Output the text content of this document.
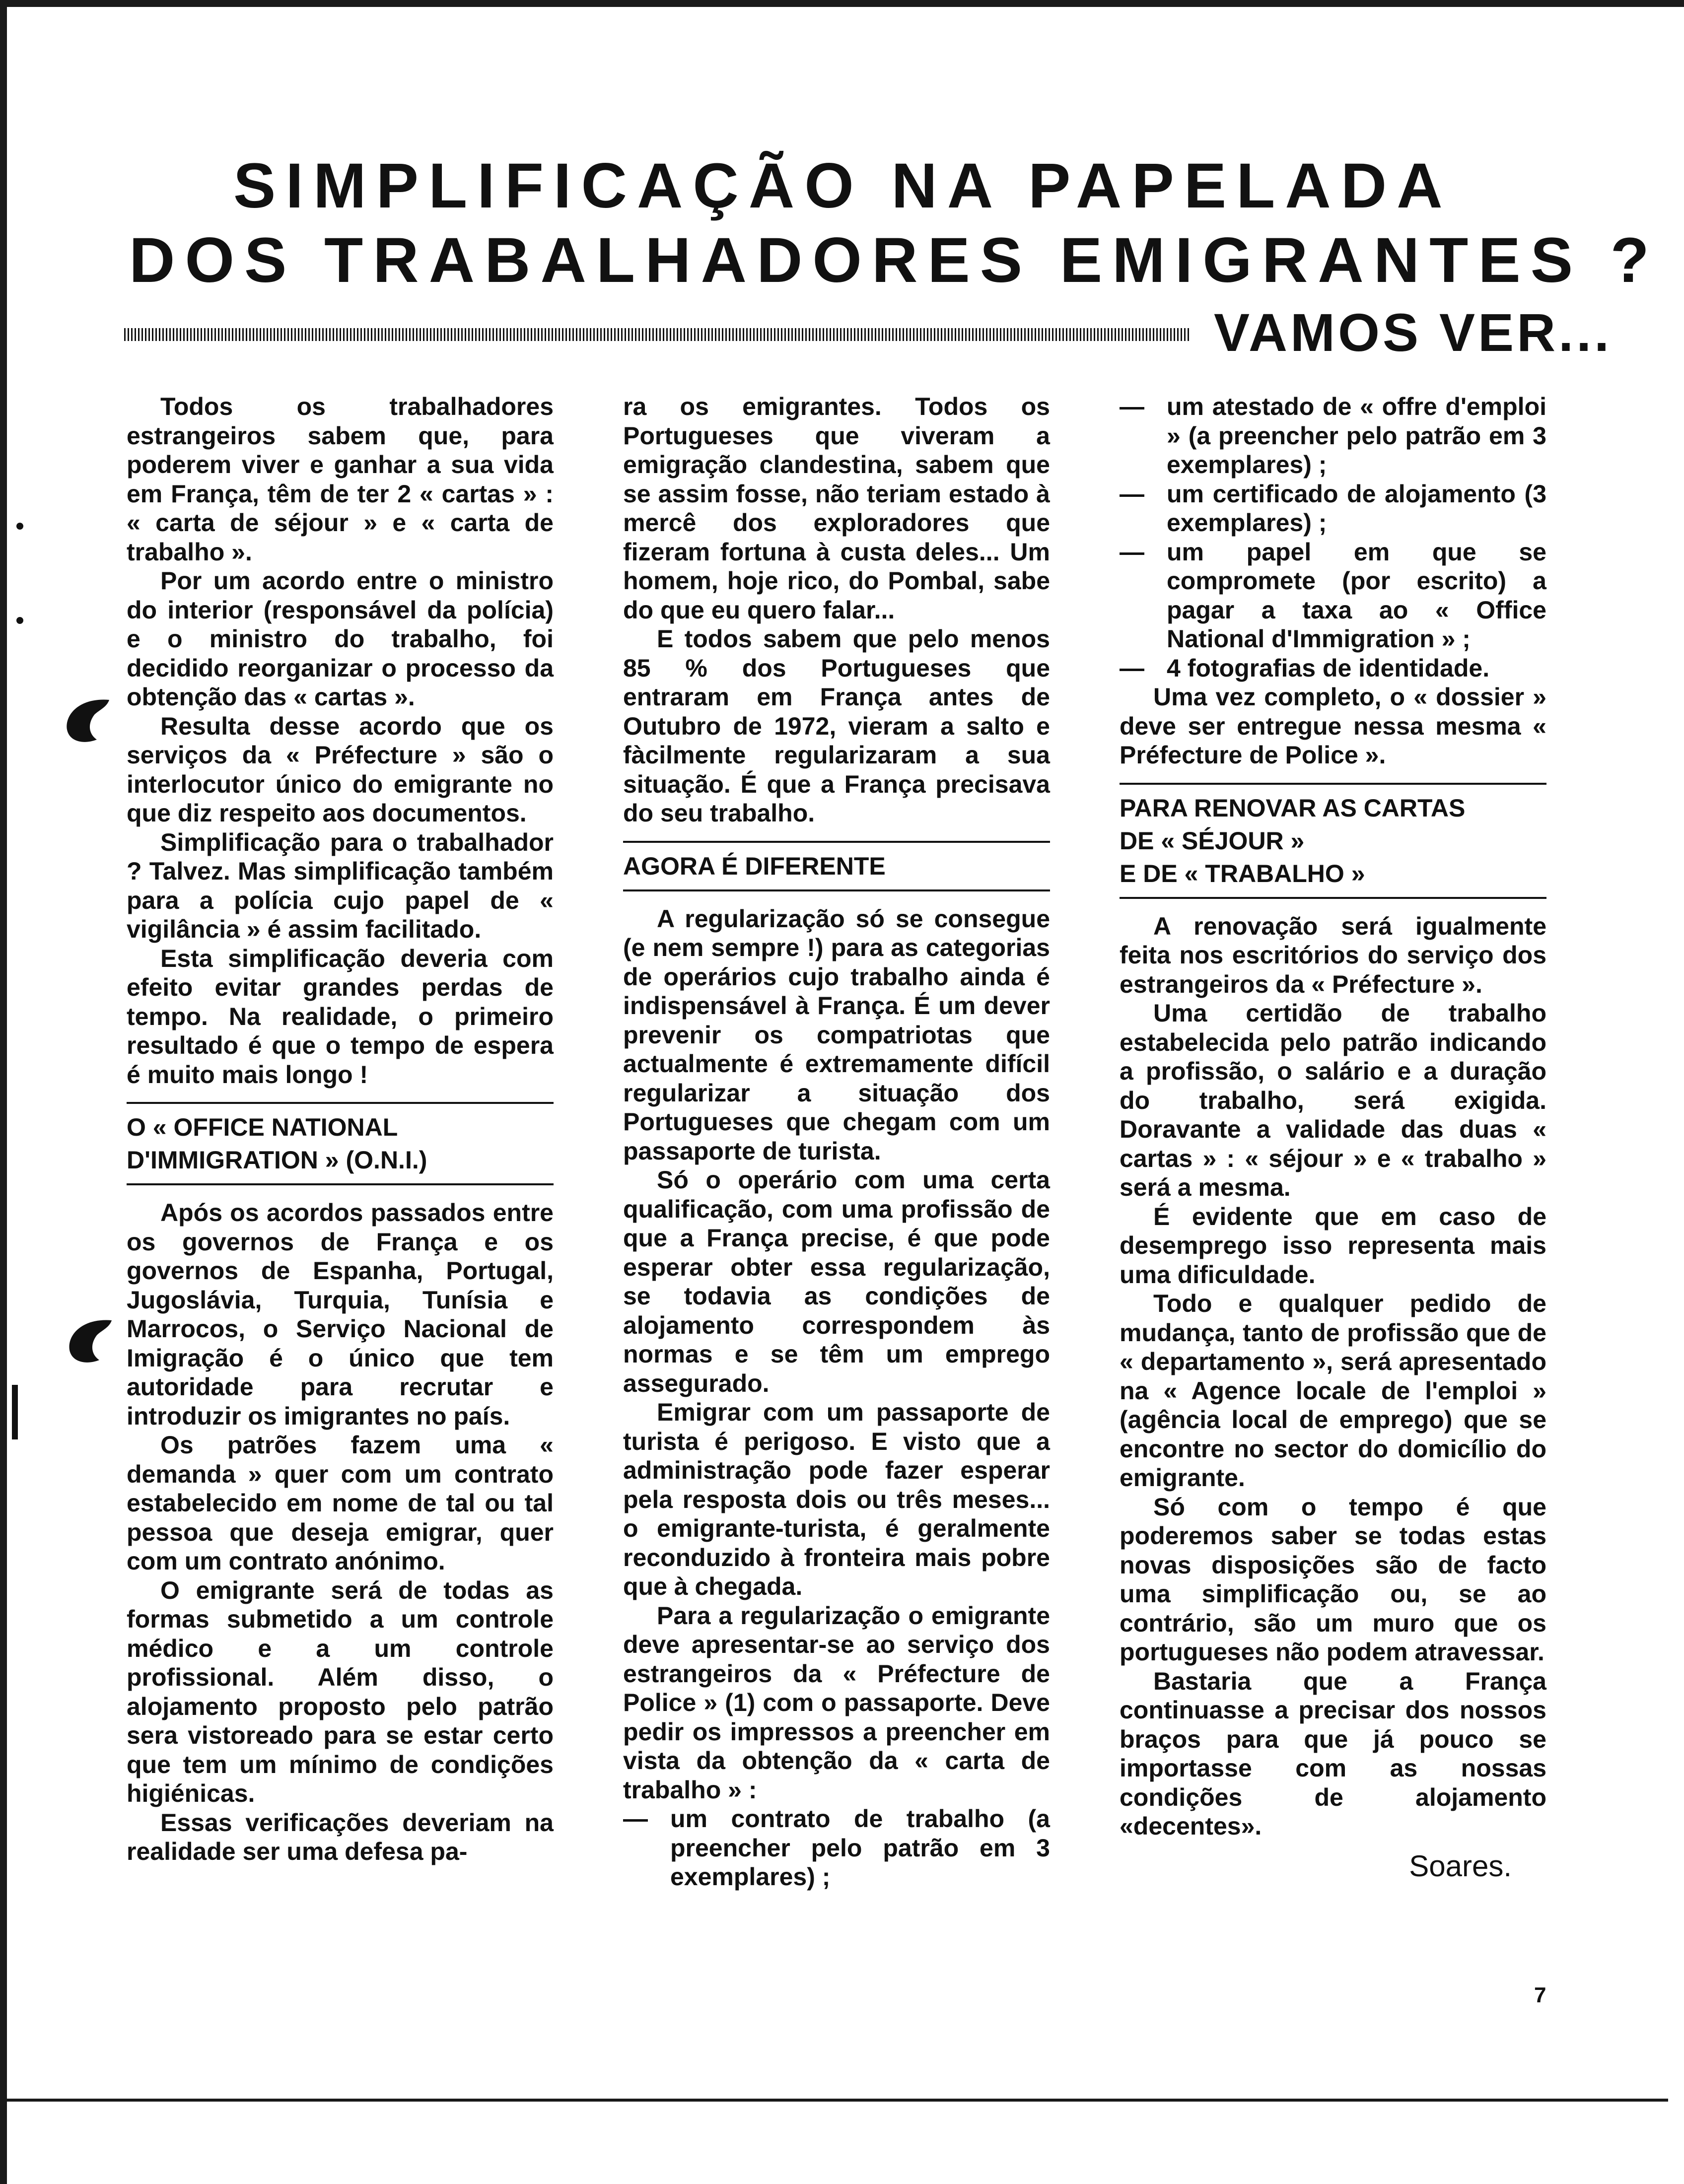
SIMPLIFICAÇÃO NA PAPELADA
DOS TRABALHADORES EMIGRANTES ?
VAMOS VER...

Todos os trabalhadores estrangeiros sabem que, para poderem viver e ganhar a sua vida em França, têm de ter 2 « cartas » : « carta de séjour » e « carta de trabalho ».

Por um acordo entre o ministro do interior (responsável da polícia) e o ministro do trabalho, foi decidido reorganizar o processo da obtenção das « cartas ».

Resulta desse acordo que os serviços da « Préfecture » são o interlocutor único do emigrante no que diz respeito aos documentos.

Simplificação para o trabalhador ? Talvez. Mas simplificação também para a polícia cujo papel de « vigilância » é assim facilitado.

Esta simplificação deveria com efeito evitar grandes perdas de tempo. Na realidade, o primeiro resultado é que o tempo de espera é muito mais longo !

O « OFFICE NATIONAL
D'IMMIGRATION » (O.N.I.)

Após os acordos passados entre os governos de França e os governos de Espanha, Portugal, Jugoslávia, Turquia, Tunísia e Marrocos, o Serviço Nacional de Imigração é o único que tem autoridade para recrutar e introduzir os imigrantes no país.

Os patrões fazem uma « demanda » quer com um contrato estabelecido em nome de tal ou tal pessoa que deseja emigrar, quer com um contrato anónimo.

O emigrante será de todas as formas submetido a um controle médico e a um controle profissional. Além disso, o alojamento proposto pelo patrão sera vistoreado para se estar certo que tem um mínimo de condições higiénicas.

Essas verificações deveriam na realidade ser uma defesa pa-

ra os emigrantes. Todos os Portugueses que viveram a emigração clandestina, sabem que se assim fosse, não teriam estado à mercê dos exploradores que fizeram fortuna à custa deles... Um homem, hoje rico, do Pombal, sabe do que eu quero falar...

E todos sabem que pelo menos 85 % dos Portugueses que entraram em França antes de Outubro de 1972, vieram a salto e fàcilmente regularizaram a sua situação. É que a França precisava do seu trabalho.

AGORA É DIFERENTE

A regularização só se consegue (e nem sempre !) para as categorias de operários cujo trabalho ainda é indispensável à França. É um dever prevenir os compatriotas que actualmente é extremamente difícil regularizar a situação dos Portugueses que chegam com um passaporte de turista.

Só o operário com uma certa qualificação, com uma profissão de que a França precise, é que pode esperar obter essa regularização, se todavia as condições de alojamento correspondem às normas e se têm um emprego assegurado.

Emigrar com um passaporte de turista é perigoso. E visto que a administração pode fazer esperar pela resposta dois ou três meses... o emigrante-turista, é geralmente reconduzido à fronteira mais pobre que à chegada.

Para a regularização o emigrante deve apresentar-se ao serviço dos estrangeiros da « Préfecture de Police » (1) com o passaporte. Deve pedir os impressos a preencher em vista da obtenção da « carta de trabalho » :

— um contrato de trabalho (a preencher pelo patrão em 3 exemplares) ;
— um atestado de « offre d'emploi » (a preencher pelo patrão em 3 exemplares) ;
— um certificado de alojamento (3 exemplares) ;
— um papel em que se compromete (por escrito) a pagar a taxa ao « Office National d'Immigration » ;
— 4 fotografias de identidade.

Uma vez completo, o « dossier » deve ser entregue nessa mesma « Préfecture de Police ».

PARA RENOVAR AS CARTAS
DE « SÉJOUR »
E DE « TRABALHO »

A renovação será igualmente feita nos escritórios do serviço dos estrangeiros da « Préfecture ».

Uma certidão de trabalho estabelecida pelo patrão indicando a profissão, o salário e a duração do trabalho, será exigida. Doravante a validade das duas « cartas » : « séjour » e « trabalho » será a mesma.

É evidente que em caso de desemprego isso representa mais uma dificuldade.

Todo e qualquer pedido de mudança, tanto de profissão que de « departamento », será apresentado na « Agence locale de l'emploi » (agência local de emprego) que se encontre no sector do domicílio do emigrante.

Só com o tempo é que poderemos saber se todas estas novas disposições são de facto uma simplificação ou, se ao contrário, são um muro que os portugueses não podem atravessar.

Bastaria que a França continuasse a precisar dos nossos braços para que já pouco se importasse com as nossas condições de alojamento «decentes».

Soares.
7
